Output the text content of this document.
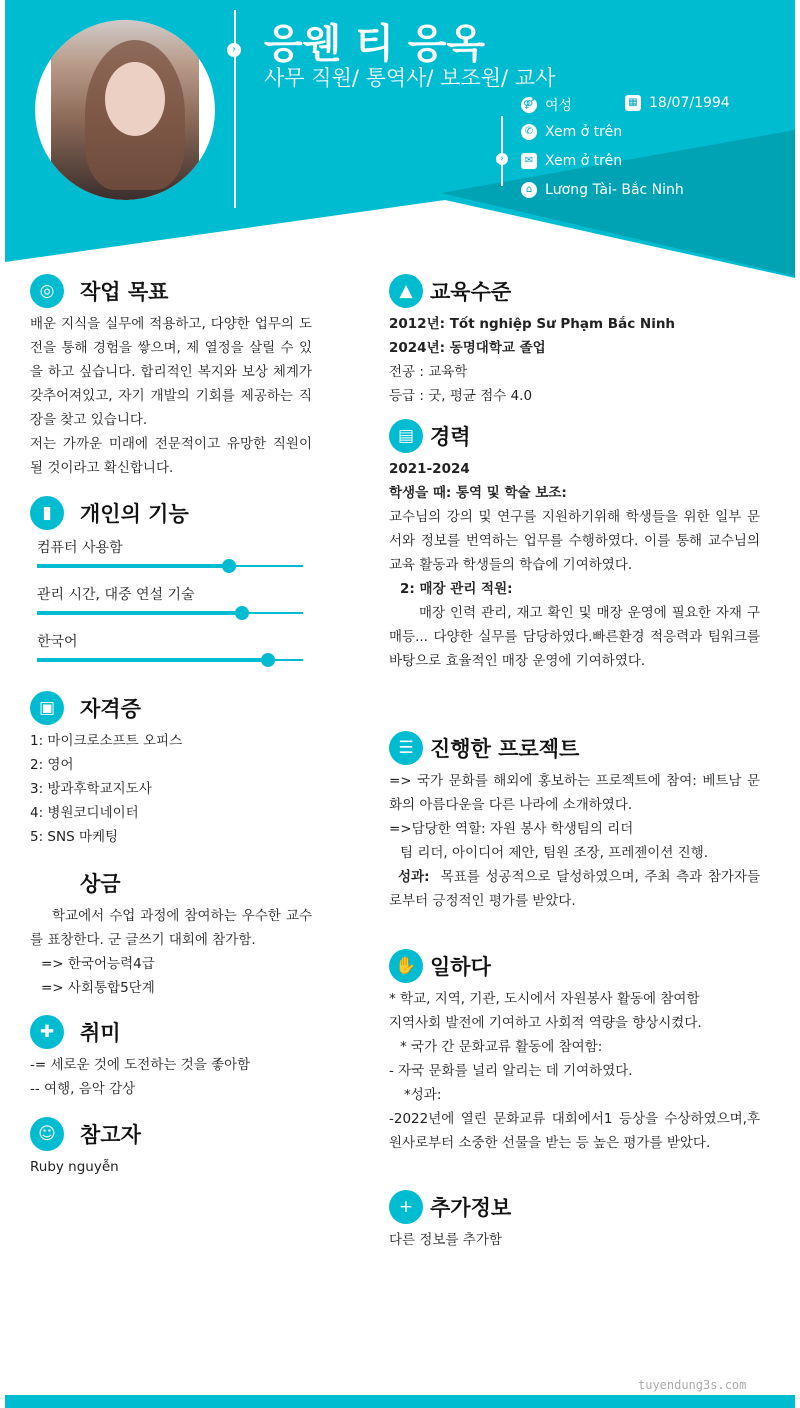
› 응웬 티 응옥
사무 직원/ 통역사/ 보조원/ 교사
›
⚤ 여성	▦ 18/07/1994
✆ Xem ở trên
✉ Xem ở trên
⌂ Lương Tài- Bắc Ninh
◎	작업 목표
배운 지식을 실무에 적용하고, 다양한 업무의 도전을 통해 경험을 쌓으며, 제 열정을 살릴 수 있을 하고 싶습니다. 합리적인 복지와 보상 체계가 갖추어져있고, 자기 개발의 기회를 제공하는 직장을 찾고 있습니다.
저는 가까운 미래에 전문적이고 유망한 직원이 될 것이라고 확신합니다.
▮	개인의 기능
컴퓨터 사용함
관리 시간, 대중 연설 기술
한국어
▣	자격증
1: 마이크로소프트 오피스
2: 영어
3: 방과후학교지도사
4: 병원코디네이터
5: SNS 마케팅
상금
학교에서 수업 과정에 참여하는 우수한 교수를 표창한다. 군 글쓰기 대회에 참가함.
=> 한국어능력4급
=> 사회통합5단계
✚	취미
-= 세로운 것에 도전하는 것을 좋아함
-- 여행, 음악 감상
☺	참고자
Ruby nguyễn
▲ 교육수준
2012년: Tốt nghiệp Sư Phạm Bắc Ninh
2024년: 동명대학교 졸업
전공 : 교육학
등급 : 굿, 평균 점수 4.0
▤ 경력
2021-2024
학생을 때: 통역 및 학술 보조:
교수님의 강의 및 연구를 지원하기위해 학생들을 위한 일부 문서와 정보를 번역하는 업무를 수행하였다. 이를 통해 교수님의 교육 활동과 학생들의 학습에 기여하였다.
2: 매장 관리 적원:
매장 인력 관리, 재고 확인 및 매장 운영에 필요한 자재 구매등... 다양한 실무를 담당하였다.빠른환경 적응력과 팀워크를 바탕으로 효율적인 매장 운영에 기여하였다.
☰ 진행한 프로젝트
=> 국가 문화를 해외에 홍보하는 프로젝트에 참여: 베트남 문화의 아름다운을 다른 나라에 소개하였다.
=>담당한 역할: 자원 봉사 학생팀의 리더
팀 리더, 아이디어 제안, 팀원 조장, 프레젠이션 진행.
성과: 목표를 성공적으로 달성하였으며, 주최 측과 참가자들로부터 긍정적인 평가를 받았다.
✋ 일하다
* 학교, 지역, 기관, 도시에서 자원봉사 활동에 참여함
지역사회 발전에 기여하고 사회적 역량을 향상시켰다.
* 국가 간 문화교류 활동에 참여함:
- 자국 문화를 널리 알리는 데 기여하였다.
*성과:
-2022년에 열린 문화교류 대회에서1 등상을 수상하였으며,후원사로부터 소중한 선물을 받는 등 높은 평가를 받았다.
+ 추가정보
다른 정보를 추가함
tuyendung3s.com
